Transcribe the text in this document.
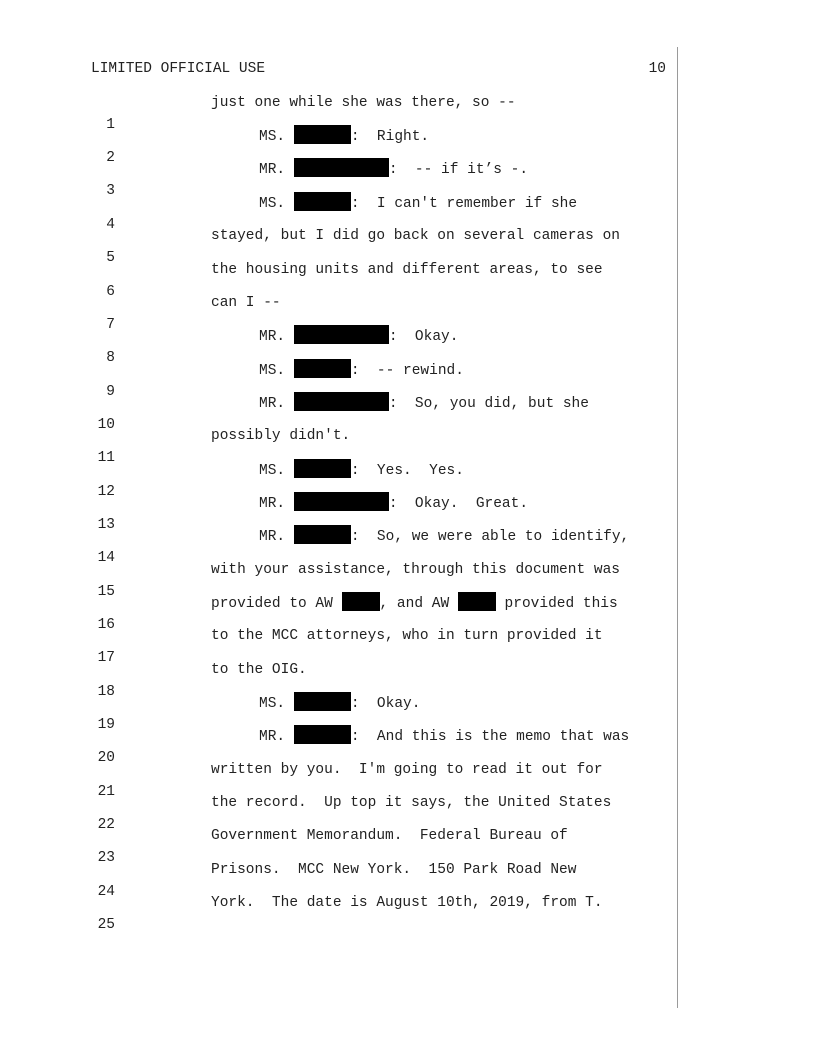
LIMITED OFFICIAL USE	10

1

just one while she was there, so --

2

MS.	:  Right.

3

MR.	:  -- if it’s -.

4

MS.	:  I can't remember if she

5

stayed, but I did go back on several cameras on

6

the housing units and different areas, to see

7

can I --

8

MR.	:  Okay.

9

MS.	:  -- rewind.

10

MR.	:  So, you did, but she

11

possibly didn't.

12

MS.	:  Yes.  Yes.

13

MR.	:  Okay.  Great.

14

MR.	:  So, we were able to identify,

15

with your assistance, through this document was

16

provided to AW	, and AW	provided this

17

to the MCC attorneys, who in turn provided it

18

to the OIG.

19

MS.	:  Okay.

20

MR.	:  And this is the memo that was

21

written by you.  I'm going to read it out for

22

the record.  Up top it says, the United States

23

Government Memorandum.  Federal Bureau of

24

Prisons.  MCC New York.  150 Park Road New

25

York.  The date is August 10th, 2019, from T.
